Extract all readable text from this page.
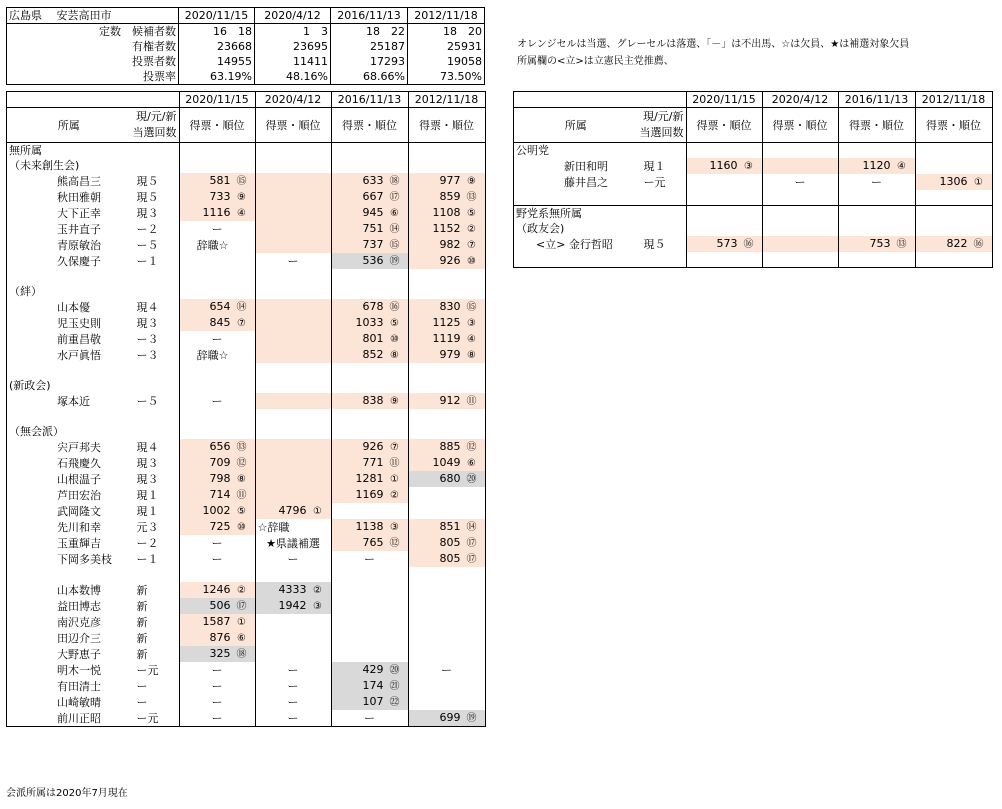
広島県	安芸高田市	2020/11/15	2020/4/12	2016/11/13	2012/11/18
定数　候補者数		16　18	1　3	18　22	18　20
有権者数		23668	23695	25187	25931
投票者数		14955	11411	17293	19058
投票率		63.19%	48.16%	68.66%	73.50%
		2020/11/15	2020/4/12	2016/11/13	2012/11/18
所属	現/元/新
当選回数	得票・順位	得票・順位	得票・順位	得票・順位
無所属					
（未来創生会)					
熊高昌三	現５	581 ⑮		633 ⑱	977 ⑨
秋田雅朝	現５	733 ⑨		667 ⑰	859 ⑬
大下正幸	現３	1116 ④		945 ⑥	1108 ⑤
玉井直子	ー２	ー		751 ⑭	1152 ②
青原敏治	ー５	辞職☆		737 ⑮	982 ⑦
久保慶子	ー１		ー	536 ⑲	926 ⑩

（絆）					
山本優	現４	654 ⑭		678 ⑯	830 ⑮
児玉史則	現３	845 ⑦		1033 ⑤	1125 ③
前重昌敬	ー３	ー		801 ⑩	1119 ④
水戸眞悟	ー３	辞職☆		852 ⑧	979 ⑧

(新政会)					
塚本近	ー５	ー		838 ⑨	912 ⑪

（無会派）					
宍戸邦夫	現４	656 ⑬		926 ⑦	885 ⑫
石飛慶久	現３	709 ⑫		771 ⑪	1049 ⑥
山根温子	現３	798 ⑧		1281 ①	680 ⑳
芦田宏治	現１	714 ⑪		1169 ②	
武岡隆文	現１	1002 ⑤	4796 ①		
先川和幸	元３	725 ⑩	☆辞職	1138 ③	851 ⑭
玉重輝吉	ー２	ー	★県議補選	765 ⑫	805 ⑰
下岡多美枝	ー１	ー	ー	ー	805 ⑰

山本数博	新	1246 ②	4333 ②		
益田博志	新	506 ⑰	1942 ③		
南沢克彦	新	1587 ①			
田辺介三	新	876 ⑥			
大野恵子	新	325 ⑱			
明木一悦	ー元	ー	ー	429 ⑳	ー
有田清士	ー	ー	ー	174 ㉑	
山崎敏晴	ー	ー	ー	107 ㉒	
前川正昭	ー元	ー	ー	ー	699 ⑲
オレンジセルは当選、グレーセルは落選、「－」は不出馬、☆は欠員、★は補選対象欠員
所属欄の<立>は立憲民主党推薦、
		2020/11/15	2020/4/12	2016/11/13	2012/11/18
所属	現/元/新
当選回数	得票・順位	得票・順位	得票・順位	得票・順位
公明党					
新田和明	現１	1160 ③		1120 ④	
藤井昌之	ー元		ー	ー	1306 ①

野党系無所属					
（政友会)					
<立> 金行哲昭	現５	573 ⑯		753 ⑬	822 ⑯

会派所属は2020年7月現在
